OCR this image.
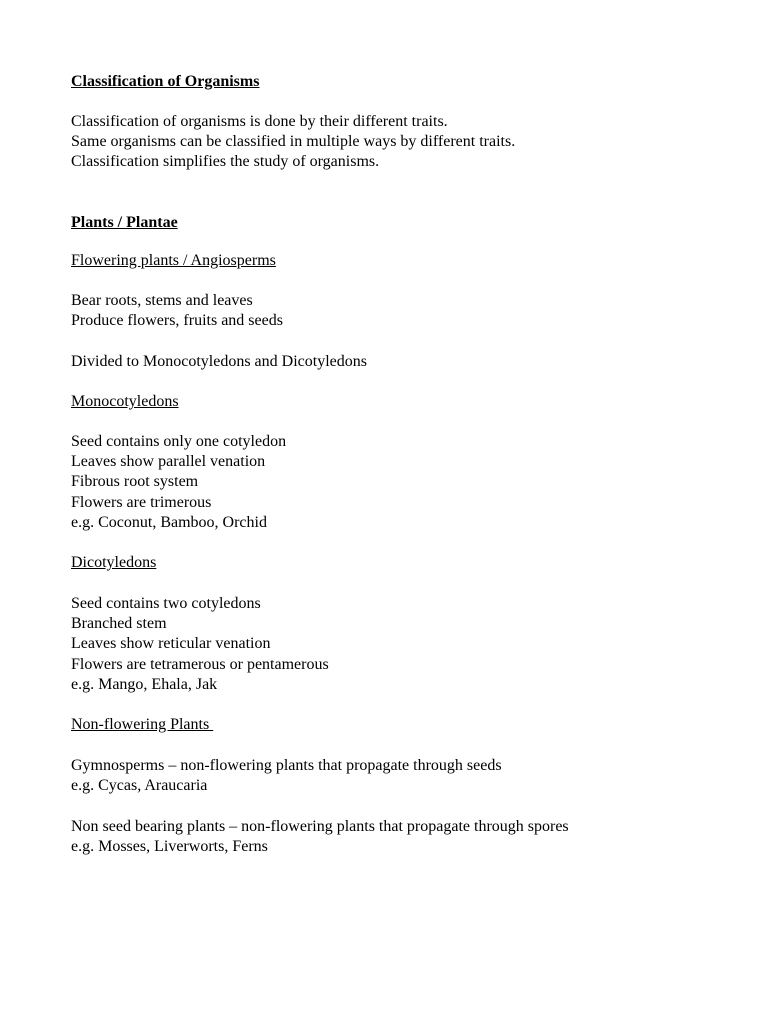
Classification of Organisms

Classification of organisms is done by their different traits.

Same organisms can be classified in multiple ways by different traits.

Classification simplifies the study of organisms.

Plants / Plantae

Flowering plants / Angiosperms

Bear roots, stems and leaves

Produce flowers, fruits and seeds

Divided to Monocotyledons and Dicotyledons

Monocotyledons

Seed contains only one cotyledon

Leaves show parallel venation

Fibrous root system

Flowers are trimerous

e.g. Coconut, Bamboo, Orchid

Dicotyledons

Seed contains two cotyledons

Branched stem

Leaves show reticular venation

Flowers are tetramerous or pentamerous

e.g. Mango, Ehala, Jak

Non-flowering Plants

Gymnosperms – non-flowering plants that propagate through seeds

e.g. Cycas, Araucaria

Non seed bearing plants – non-flowering plants that propagate through spores

e.g. Mosses, Liverworts, Ferns
